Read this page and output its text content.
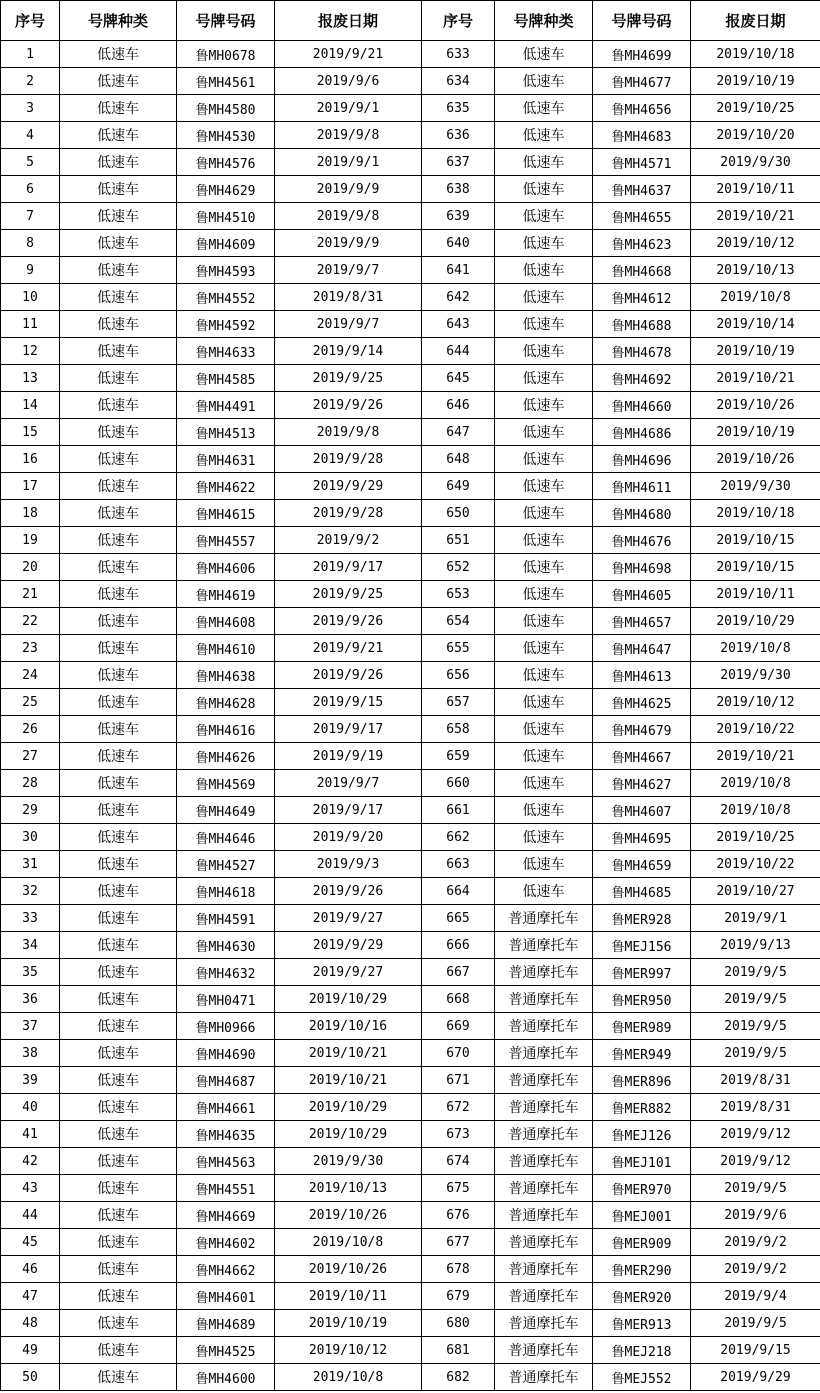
序号	号牌种类	号牌号码	报废日期	序号	号牌种类	号牌号码	报废日期
1	低速车	鲁MH0678	2019/9/21	633	低速车	鲁MH4699	2019/10/18
2	低速车	鲁MH4561	2019/9/6	634	低速车	鲁MH4677	2019/10/19
3	低速车	鲁MH4580	2019/9/1	635	低速车	鲁MH4656	2019/10/25
4	低速车	鲁MH4530	2019/9/8	636	低速车	鲁MH4683	2019/10/20
5	低速车	鲁MH4576	2019/9/1	637	低速车	鲁MH4571	2019/9/30
6	低速车	鲁MH4629	2019/9/9	638	低速车	鲁MH4637	2019/10/11
7	低速车	鲁MH4510	2019/9/8	639	低速车	鲁MH4655	2019/10/21
8	低速车	鲁MH4609	2019/9/9	640	低速车	鲁MH4623	2019/10/12
9	低速车	鲁MH4593	2019/9/7	641	低速车	鲁MH4668	2019/10/13
10	低速车	鲁MH4552	2019/8/31	642	低速车	鲁MH4612	2019/10/8
11	低速车	鲁MH4592	2019/9/7	643	低速车	鲁MH4688	2019/10/14
12	低速车	鲁MH4633	2019/9/14	644	低速车	鲁MH4678	2019/10/19
13	低速车	鲁MH4585	2019/9/25	645	低速车	鲁MH4692	2019/10/21
14	低速车	鲁MH4491	2019/9/26	646	低速车	鲁MH4660	2019/10/26
15	低速车	鲁MH4513	2019/9/8	647	低速车	鲁MH4686	2019/10/19
16	低速车	鲁MH4631	2019/9/28	648	低速车	鲁MH4696	2019/10/26
17	低速车	鲁MH4622	2019/9/29	649	低速车	鲁MH4611	2019/9/30
18	低速车	鲁MH4615	2019/9/28	650	低速车	鲁MH4680	2019/10/18
19	低速车	鲁MH4557	2019/9/2	651	低速车	鲁MH4676	2019/10/15
20	低速车	鲁MH4606	2019/9/17	652	低速车	鲁MH4698	2019/10/15
21	低速车	鲁MH4619	2019/9/25	653	低速车	鲁MH4605	2019/10/11
22	低速车	鲁MH4608	2019/9/26	654	低速车	鲁MH4657	2019/10/29
23	低速车	鲁MH4610	2019/9/21	655	低速车	鲁MH4647	2019/10/8
24	低速车	鲁MH4638	2019/9/26	656	低速车	鲁MH4613	2019/9/30
25	低速车	鲁MH4628	2019/9/15	657	低速车	鲁MH4625	2019/10/12
26	低速车	鲁MH4616	2019/9/17	658	低速车	鲁MH4679	2019/10/22
27	低速车	鲁MH4626	2019/9/19	659	低速车	鲁MH4667	2019/10/21
28	低速车	鲁MH4569	2019/9/7	660	低速车	鲁MH4627	2019/10/8
29	低速车	鲁MH4649	2019/9/17	661	低速车	鲁MH4607	2019/10/8
30	低速车	鲁MH4646	2019/9/20	662	低速车	鲁MH4695	2019/10/25
31	低速车	鲁MH4527	2019/9/3	663	低速车	鲁MH4659	2019/10/22
32	低速车	鲁MH4618	2019/9/26	664	低速车	鲁MH4685	2019/10/27
33	低速车	鲁MH4591	2019/9/27	665	普通摩托车	鲁MER928	2019/9/1
34	低速车	鲁MH4630	2019/9/29	666	普通摩托车	鲁MEJ156	2019/9/13
35	低速车	鲁MH4632	2019/9/27	667	普通摩托车	鲁MER997	2019/9/5
36	低速车	鲁MH0471	2019/10/29	668	普通摩托车	鲁MER950	2019/9/5
37	低速车	鲁MH0966	2019/10/16	669	普通摩托车	鲁MER989	2019/9/5
38	低速车	鲁MH4690	2019/10/21	670	普通摩托车	鲁MER949	2019/9/5
39	低速车	鲁MH4687	2019/10/21	671	普通摩托车	鲁MER896	2019/8/31
40	低速车	鲁MH4661	2019/10/29	672	普通摩托车	鲁MER882	2019/8/31
41	低速车	鲁MH4635	2019/10/29	673	普通摩托车	鲁MEJ126	2019/9/12
42	低速车	鲁MH4563	2019/9/30	674	普通摩托车	鲁MEJ101	2019/9/12
43	低速车	鲁MH4551	2019/10/13	675	普通摩托车	鲁MER970	2019/9/5
44	低速车	鲁MH4669	2019/10/26	676	普通摩托车	鲁MEJ001	2019/9/6
45	低速车	鲁MH4602	2019/10/8	677	普通摩托车	鲁MER909	2019/9/2
46	低速车	鲁MH4662	2019/10/26	678	普通摩托车	鲁MER290	2019/9/2
47	低速车	鲁MH4601	2019/10/11	679	普通摩托车	鲁MER920	2019/9/4
48	低速车	鲁MH4689	2019/10/19	680	普通摩托车	鲁MER913	2019/9/5
49	低速车	鲁MH4525	2019/10/12	681	普通摩托车	鲁MEJ218	2019/9/15
50	低速车	鲁MH4600	2019/10/8	682	普通摩托车	鲁MEJ552	2019/9/29
